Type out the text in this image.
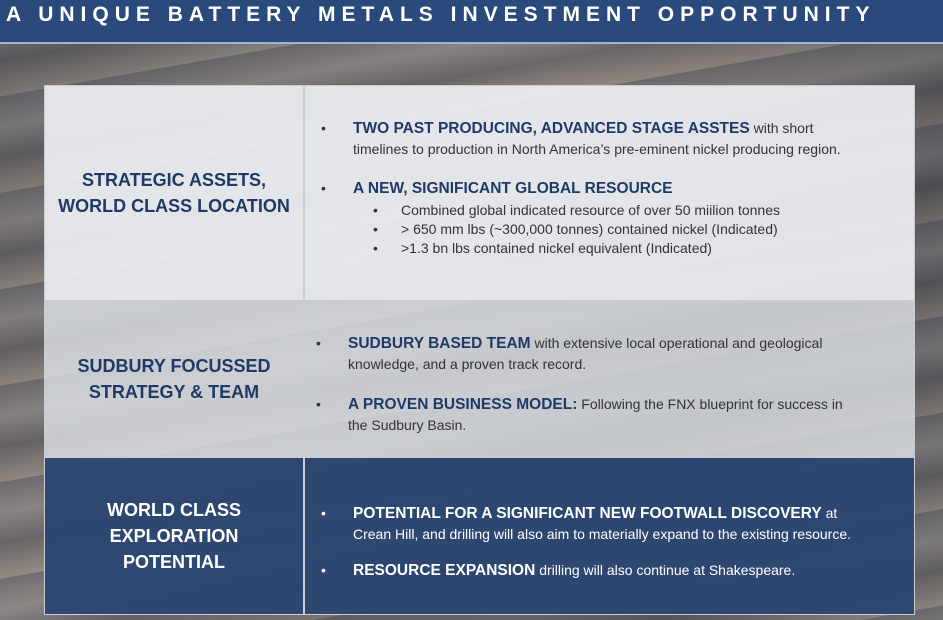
A UNIQUE BATTERY METALS INVESTMENT OPPORTUNITY
STRATEGIC ASSETS,
WORLD CLASS LOCATION
• TWO PAST PRODUCING, ADVANCED STAGE ASSTES with short
timelines to production in North America’s pre-eminent nickel producing region.
• A NEW, SIGNIFICANT GLOBAL RESOURCE
• Combined global indicated resource of over 50 miilion tonnes
• > 650 mm lbs (~300,000 tonnes) contained nickel (Indicated)
• >1.3 bn lbs contained nickel equivalent (Indicated)
SUDBURY FOCUSSED
STRATEGY & TEAM
• SUDBURY BASED TEAM with extensive local operational and geological
knowledge, and a proven track record.
• A PROVEN BUSINESS MODEL: Following the FNX blueprint for success in
the Sudbury Basin.
WORLD CLASS
EXPLORATION
POTENTIAL
• POTENTIAL FOR A SIGNIFICANT NEW FOOTWALL DISCOVERY at
Crean Hill, and drilling will also aim to materially expand to the existing resource.
• RESOURCE EXPANSION drilling will also continue at Shakespeare.
